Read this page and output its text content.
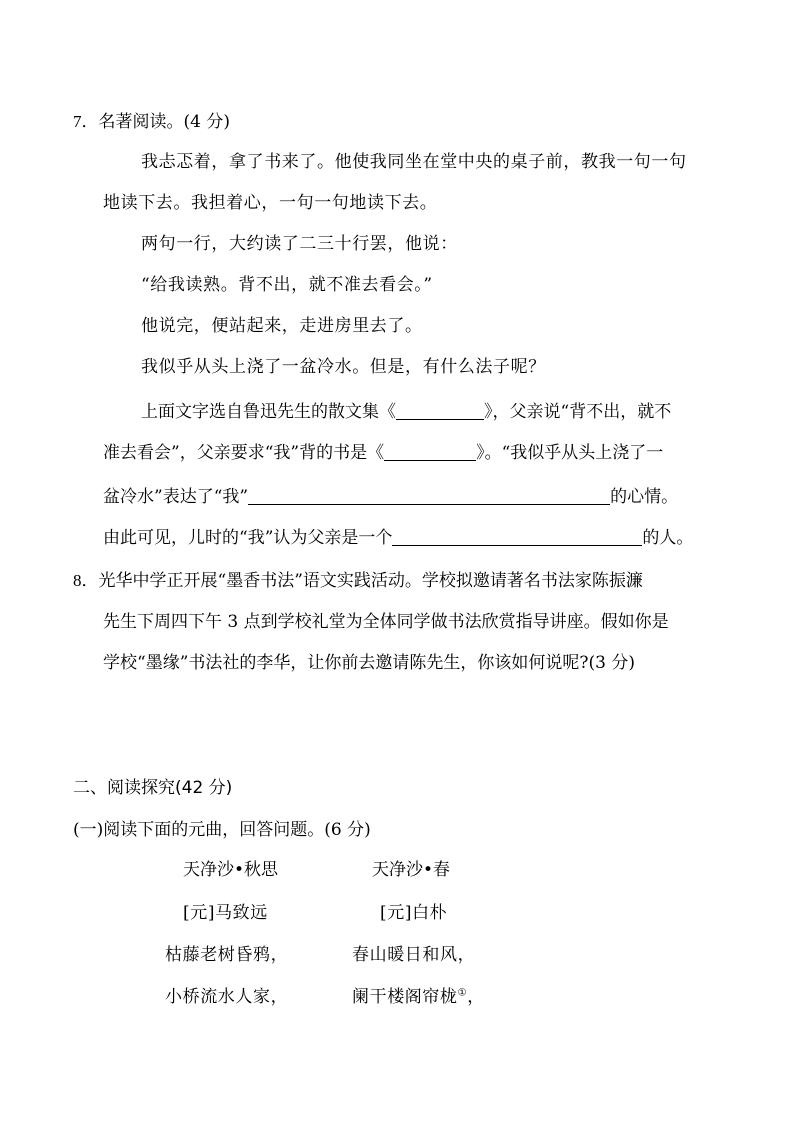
7．名著阅读。(4 分)
我忐忑着，拿了书来了。他使我同坐在堂中央的桌子前，教我一句一句
地读下去。我担着心，一句一句地读下去。
两句一行，大约读了二三十行罢，他说：
“给我读熟。背不出，就不准去看会。”
他说完，便站起来，走进房里去了。
我似乎从头上浇了一盆冷水。但是，有什么法子呢？
上面文字选自鲁迅先生的散文集《	》，父亲说“背不出，就不
准去看会”，父亲要求“我”背的书是《	》。“我似乎从头上浇了一
盆冷水”表达了“我”	的心情。
由此可见，儿时的“我”认为父亲是一个	的人。
8．光华中学正开展“墨香书法”语文实践活动。学校拟邀请著名书法家陈振濂
先生下周四下午 3 点到学校礼堂为全体同学做书法欣赏指导讲座。假如你是
学校“墨缘”书法社的李华，让你前去邀请陈先生，你该如何说呢?(3 分)
二、阅读探究(42 分)
(一)阅读下面的元曲，回答问题。(6 分)
天净沙•秋思
[元]马致远
枯藤老树昏鸦，
小桥流水人家，
天净沙•春
[元]白朴
春山暖日和风，
阑干楼阁帘栊①，
